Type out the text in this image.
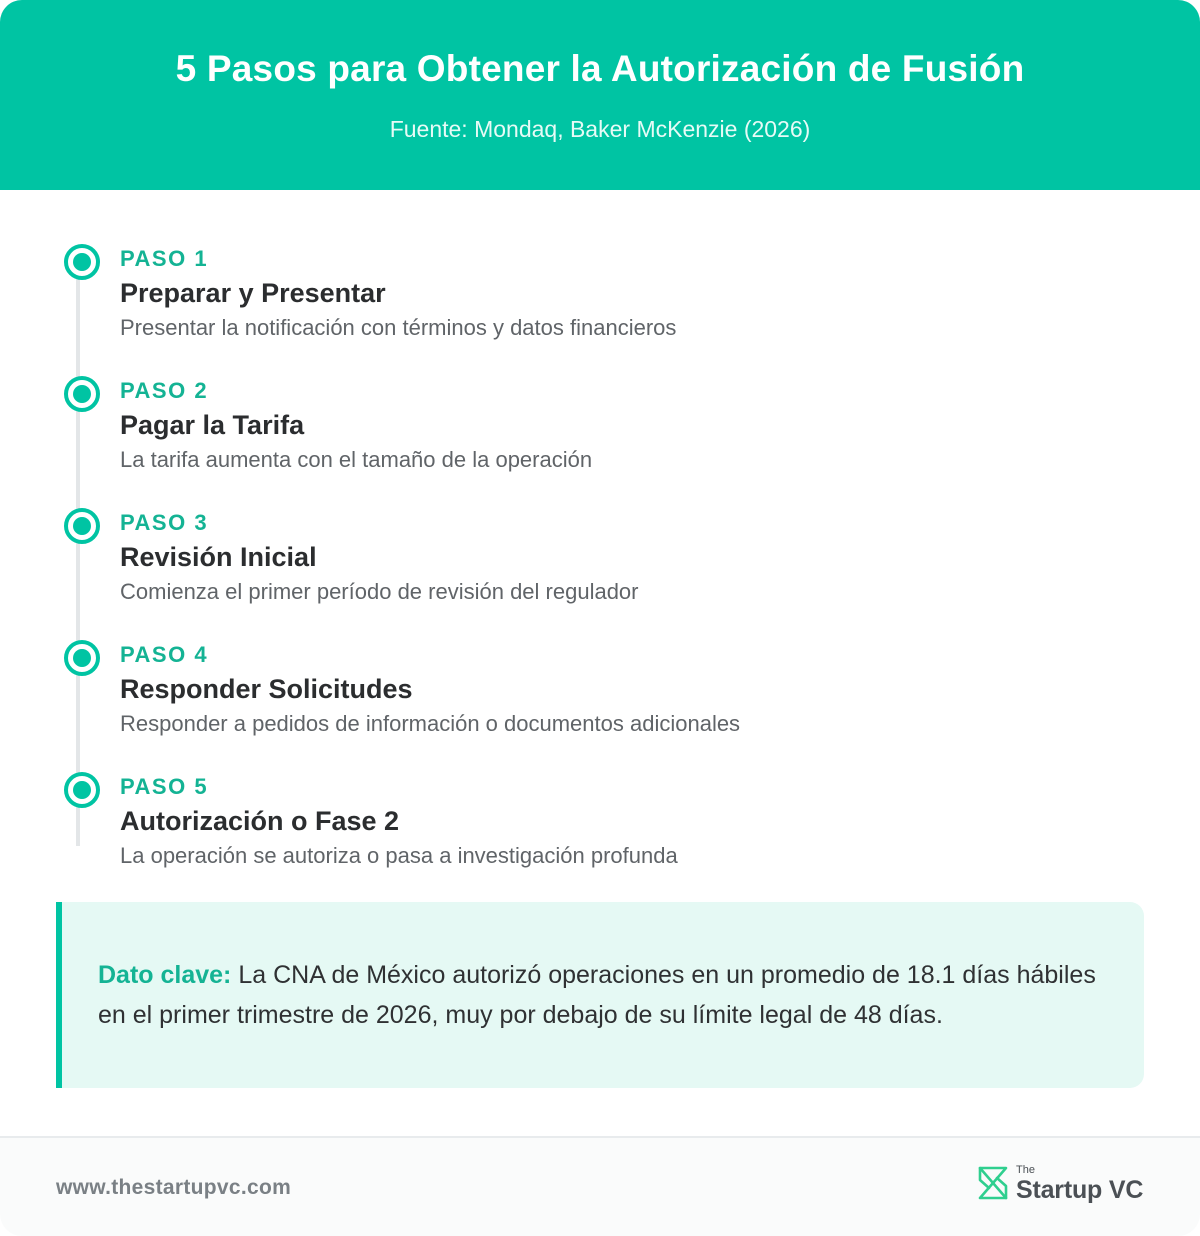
5 Pasos para Obtener la Autorización de Fusión
Fuente: Mondaq, Baker McKenzie (2026)
PASO 1
Preparar y Presentar
Presentar la notificación con términos y datos financieros
PASO 2
Pagar la Tarifa
La tarifa aumenta con el tamaño de la operación
PASO 3
Revisión Inicial
Comienza el primer período de revisión del regulador
PASO 4
Responder Solicitudes
Responder a pedidos de información o documentos adicionales
PASO 5
Autorización o Fase 2
La operación se autoriza o pasa a investigación profunda
Dato clave: La CNA de México autorizó operaciones en un promedio de 18.1 días hábiles en el primer trimestre de 2026, muy por debajo de su límite legal de 48 días.
www.thestartupvc.com
The
Startup VC
